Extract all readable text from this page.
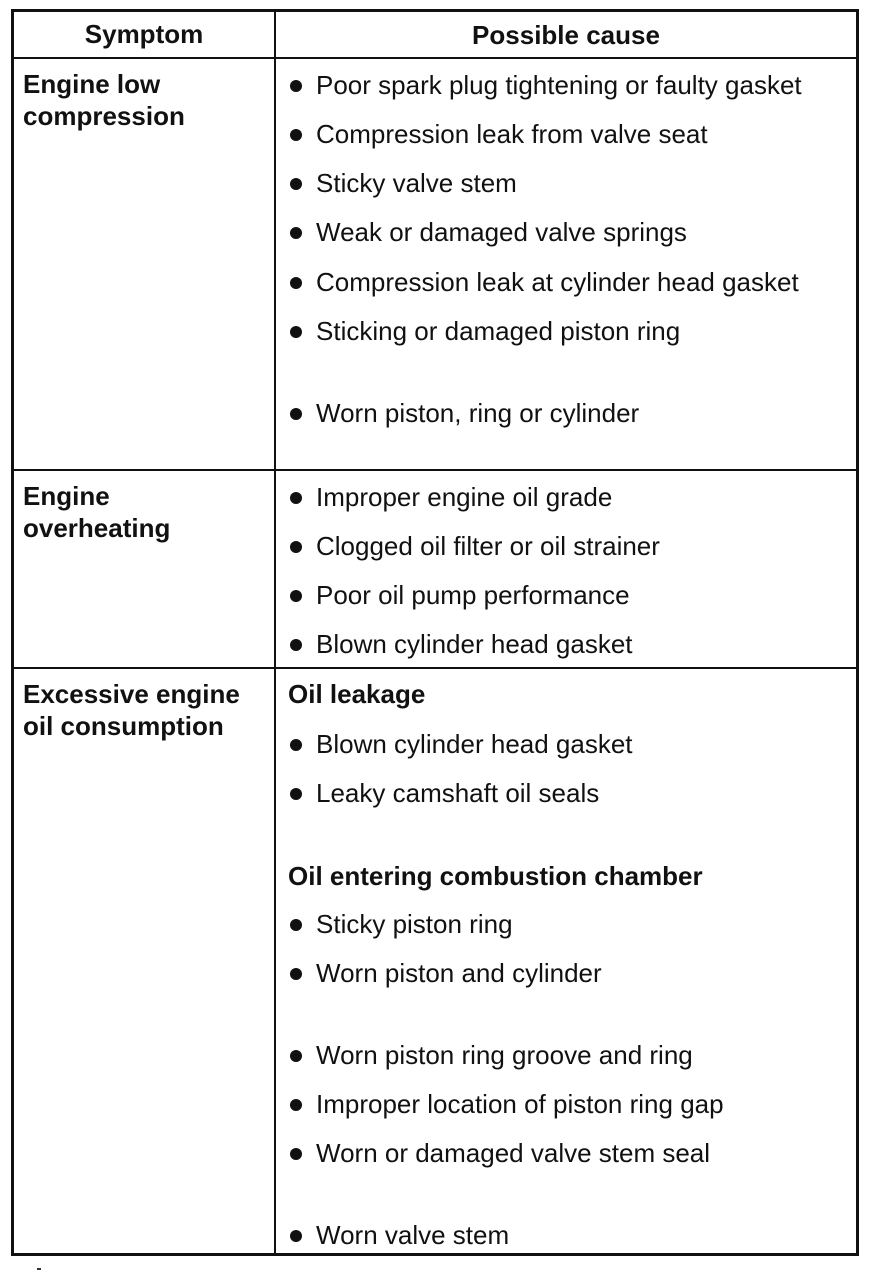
Symptom	Possible cause
Engine low compression
Poor spark plug tightening or faulty gasket
Compression leak from valve seat
Sticky valve stem
Weak or damaged valve springs
Compression leak at cylinder head gasket
Sticking or damaged piston ring
Worn piston, ring or cylinder
Engine overheating
Improper engine oil grade
Clogged oil filter or oil strainer
Poor oil pump performance
Blown cylinder head gasket
Excessive engine oil consumption
Oil leakage
Blown cylinder head gasket
Leaky camshaft oil seals
Oil entering combustion chamber
Sticky piston ring
Worn piston and cylinder
Worn piston ring groove and ring
Improper location of piston ring gap
Worn or damaged valve stem seal
Worn valve stem
